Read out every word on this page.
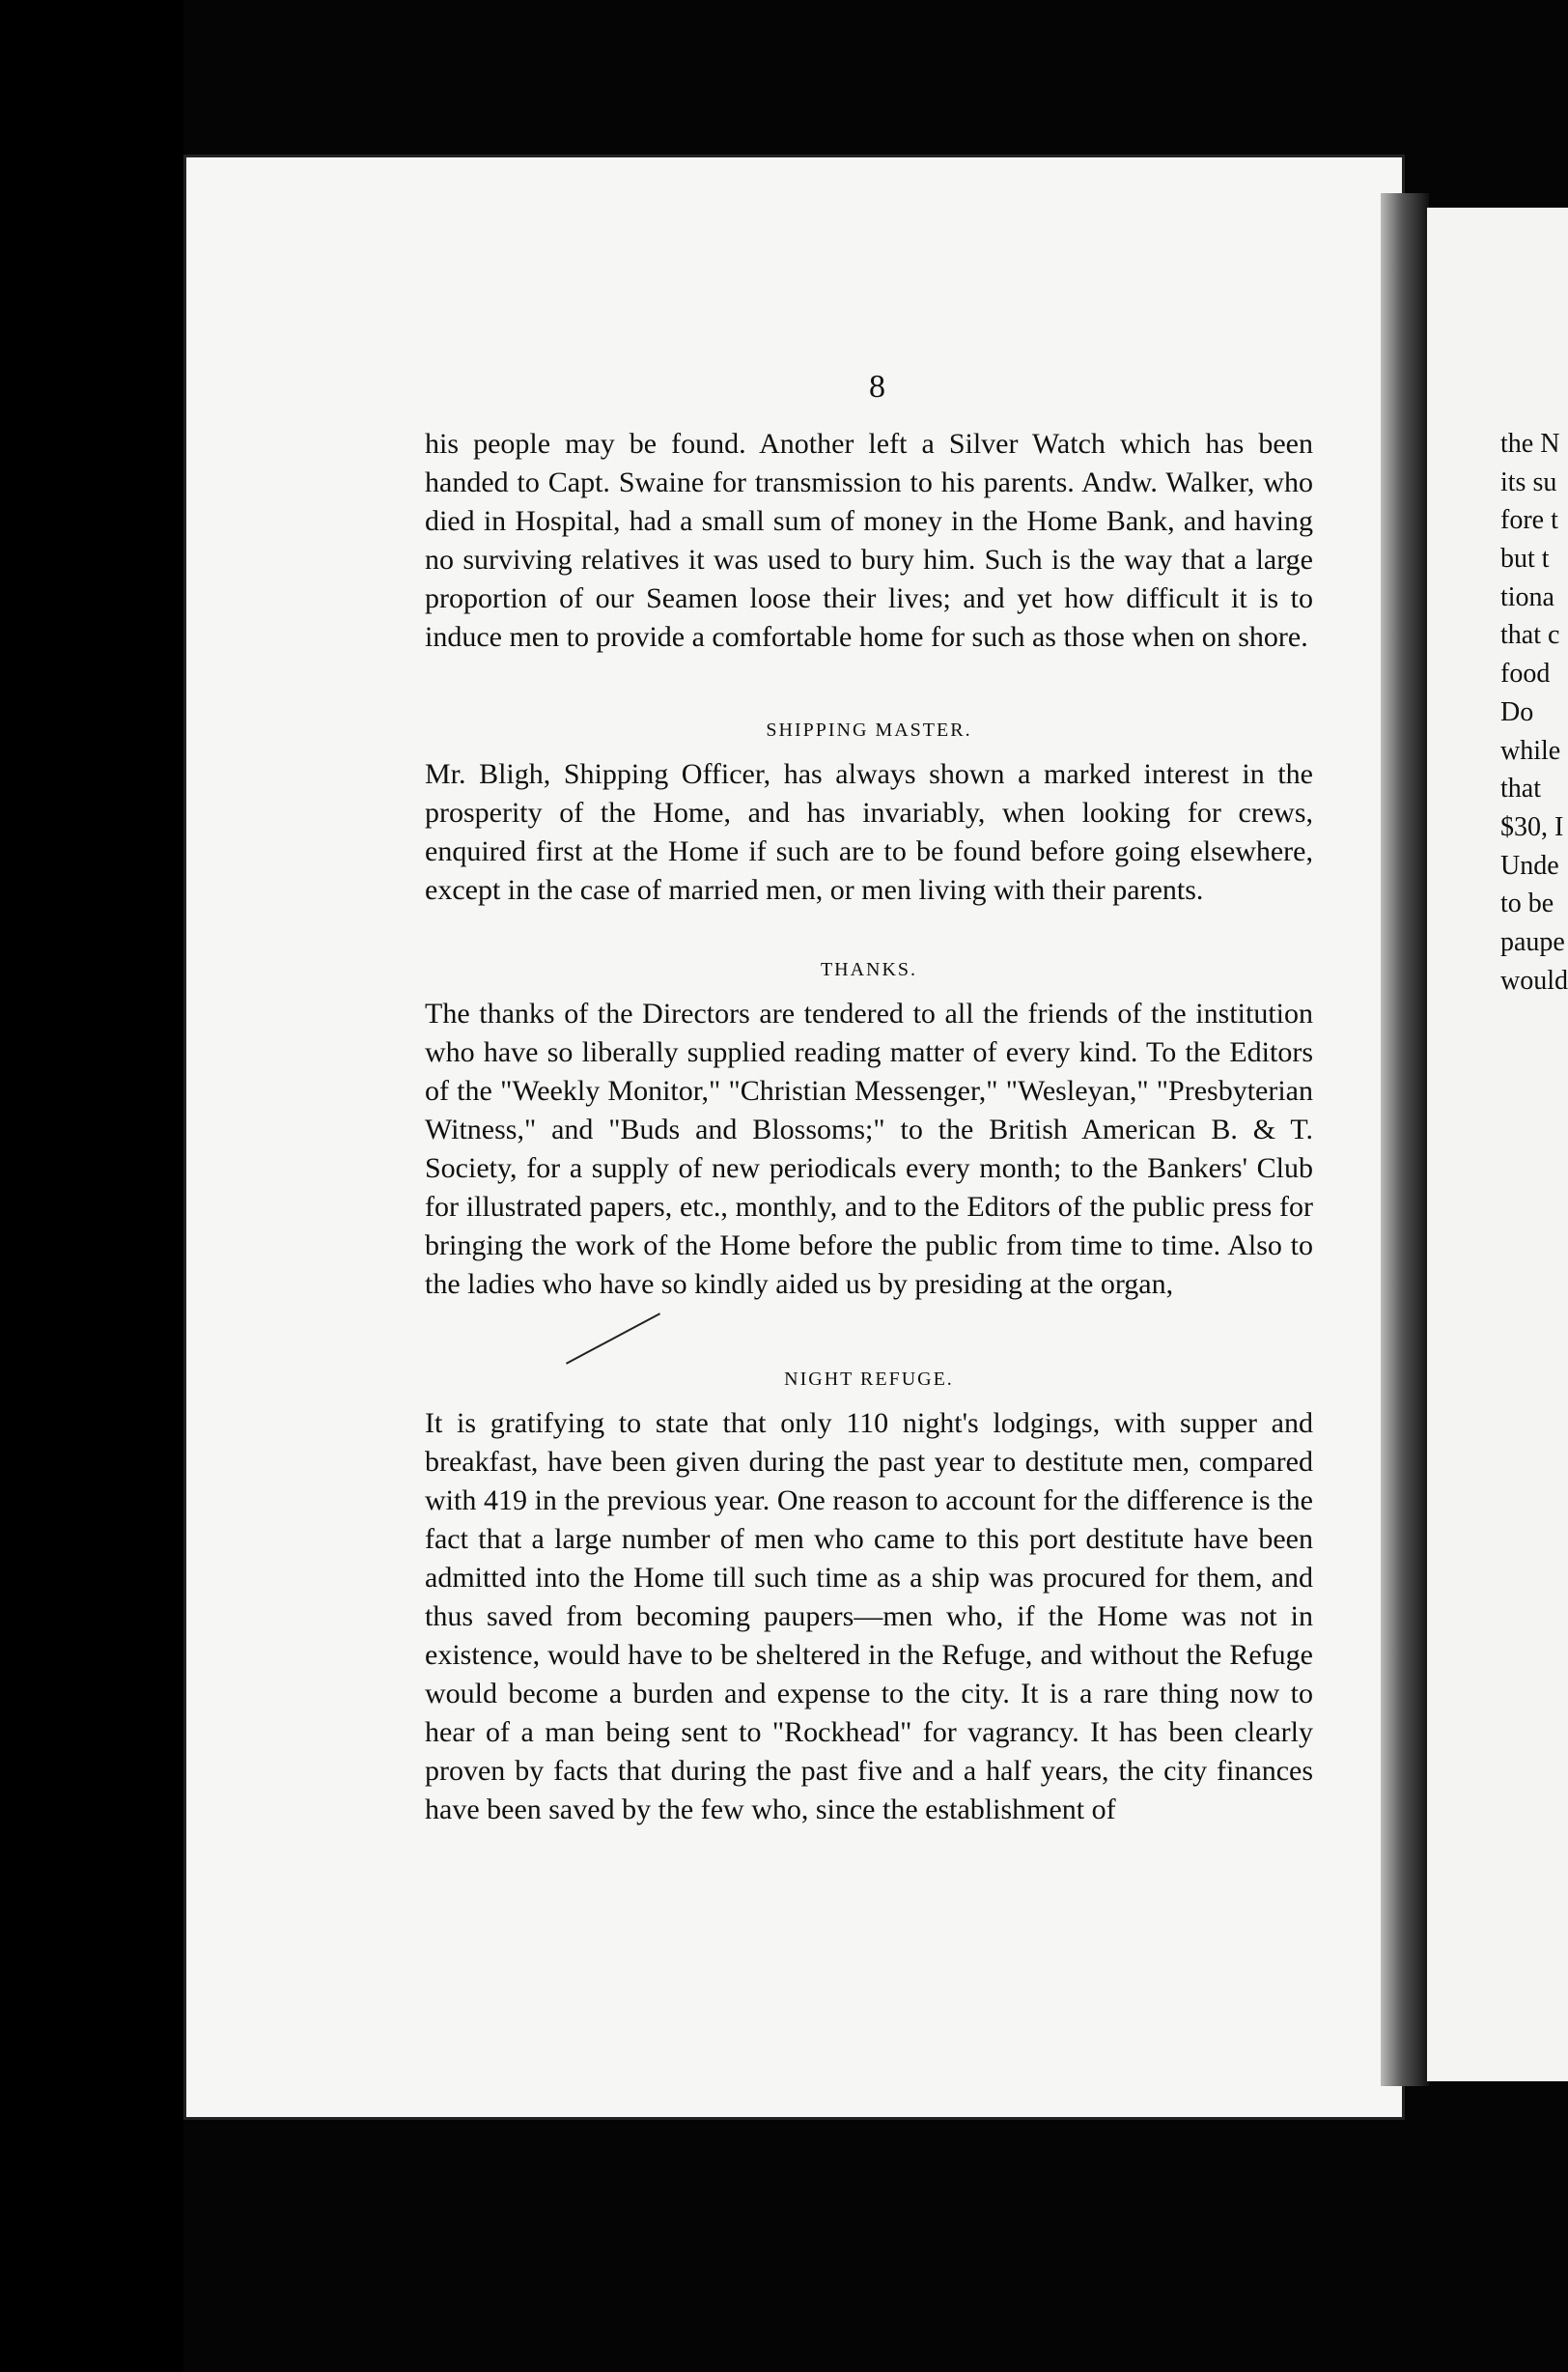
8

his people may be found. Another left a Silver Watch which has been handed to Capt. Swaine for transmission to his parents. Andw. Walker, who died in Hospital, had a small sum of money in the Home Bank, and having no surviving relatives it was used to bury him. Such is the way that a large proportion of our Seamen loose their lives; and yet how difficult it is to induce men to provide a comfortable home for such as those when on shore.

SHIPPING MASTER.

Mr. Bligh, Shipping Officer, has always shown a marked interest in the prosperity of the Home, and has invariably, when looking for crews, enquired first at the Home if such are to be found before going elsewhere, except in the case of married men, or men living with their parents.

THANKS.

The thanks of the Directors are tendered to all the friends of the institution who have so liberally supplied reading matter of every kind. To the Editors of the "Weekly Monitor," "Christian Messenger," "Wesleyan," "Presbyterian Witness," and "Buds and Blossoms;" to the British American B. & T. Society, for a supply of new periodicals every month; to the Bankers' Club for illustrated papers, etc., monthly, and to the Editors of the public press for bringing the work of the Home before the public from time to time. Also to the ladies who have so kindly aided us by presiding at the organ,

NIGHT REFUGE.

It is gratifying to state that only 110 night's lodgings, with supper and breakfast, have been given during the past year to destitute men, compared with 419 in the previous year. One reason to account for the difference is the fact that a large number of men who came to this port destitute have been admitted into the Home till such time as a ship was procured for them, and thus saved from becoming paupers—men who, if the Home was not in existence, would have to be sheltered in the Refuge, and without the Refuge would become a burden and expense to the city. It is a rare thing now to hear of a man being sent to "Rockhead" for vagrancy. It has been clearly proven by facts that during the past five and a half years, the city finances have been saved by the few who, since the establishment of

the N
its su
fore t
but t
tiona
that c
food
Do
while
that
$30, I
Unde
to be
paupe
would
